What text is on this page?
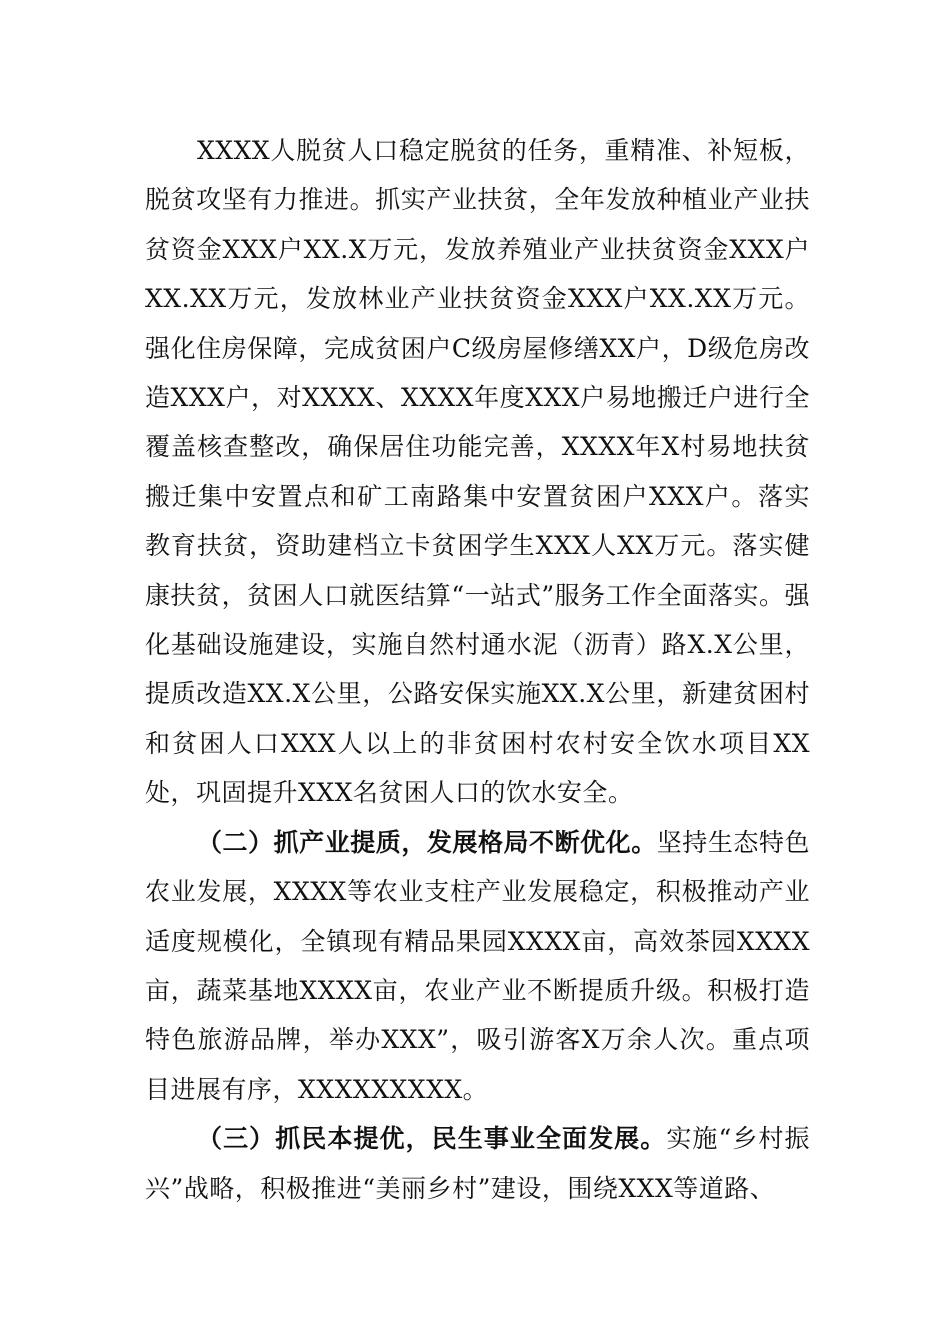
XXXX人脱贫人口稳定脱贫的任务，重精准、补短板，脱贫攻坚有力推进。抓实产业扶贫，全年发放种植业产业扶贫资金XXX户XX.X万元，发放养殖业产业扶贫资金XXX户XX.XX万元，发放林业产业扶贫资金XXX户XX.XX万元。强化住房保障，完成贫困户C级房屋修缮XX户，D级危房改造XXX户，对XXXX、XXXX年度XXX户易地搬迁户进行全覆盖核查整改，确保居住功能完善，XXXX年X村易地扶贫搬迁集中安置点和矿工南路集中安置贫困户XXX户。落实教育扶贫，资助建档立卡贫困学生XXX人XX万元。落实健康扶贫，贫困人口就医结算“一站式”服务工作全面落实。强化基础设施建设，实施自然村通水泥（沥青）路X.X公里，提质改造XX.X公里，公路安保实施XX.X公里，新建贫困村和贫困人口XXX人以上的非贫困村农村安全饮水项目XX处，巩固提升XXX名贫困人口的饮水安全。

（二）抓产业提质，发展格局不断优化。坚持生态特色农业发展，XXXX等农业支柱产业发展稳定，积极推动产业适度规模化，全镇现有精品果园XXXX亩，高效茶园XXXX亩，蔬菜基地XXXX亩，农业产业不断提质升级。积极打造特色旅游品牌，举办XXX”，吸引游客X万余人次。重点项目进展有序，XXXXXXXXX。

（三）抓民本提优，民生事业全面发展。实施“乡村振兴”战略，积极推进“美丽乡村”建设，围绕XXX等道路、
